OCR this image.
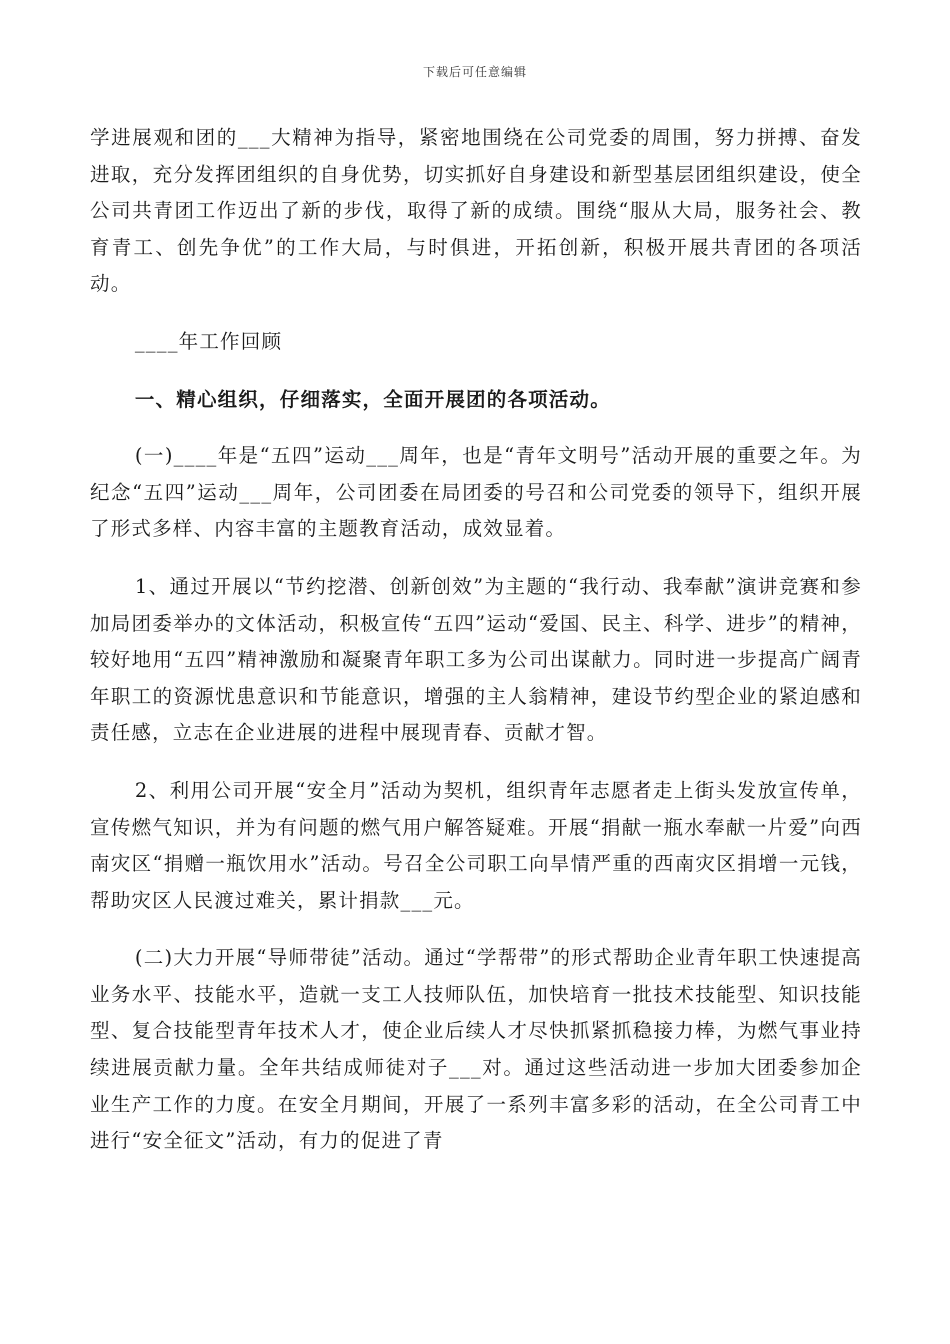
下载后可任意编辑

学进展观和团的___大精神为指导，紧密地围绕在公司党委的周围，努力拼搏、奋发进取，充分发挥团组织的自身优势，切实抓好自身建设和新型基层团组织建设，使全公司共青团工作迈出了新的步伐，取得了新的成绩。围绕“服从大局，服务社会、教育青工、创先争优”的工作大局，与时俱进，开拓创新，积极开展共青团的各项活动。

____年工作回顾

一、精心组织，仔细落实，全面开展团的各项活动。

(一)____年是“五四”运动___周年，也是“青年文明号”活动开展的重要之年。为纪念“五四”运动___周年，公司团委在局团委的号召和公司党委的领导下，组织开展了形式多样、内容丰富的主题教育活动，成效显着。

1、通过开展以“节约挖潜、创新创效”为主题的“我行动、我奉献”演讲竞赛和参加局团委举办的文体活动，积极宣传“五四”运动“爱国、民主、科学、进步”的精神，较好地用“五四”精神激励和凝聚青年职工多为公司出谋献力。同时进一步提高广阔青年职工的资源忧患意识和节能意识，增强的主人翁精神，建设节约型企业的紧迫感和责任感，立志在企业进展的进程中展现青春、贡献才智。

2、利用公司开展“安全月”活动为契机，组织青年志愿者走上街头发放宣传单，宣传燃气知识，并为有问题的燃气用户解答疑难。开展“捐献一瓶水奉献一片爱”向西南灾区“捐赠一瓶饮用水”活动。号召全公司职工向旱情严重的西南灾区捐增一元钱，帮助灾区人民渡过难关，累计捐款___元。

(二)大力开展“导师带徒”活动。通过“学帮带”的形式帮助企业青年职工快速提高业务水平、技能水平，造就一支工人技师队伍，加快培育一批技术技能型、知识技能型、复合技能型青年技术人才，使企业后续人才尽快抓紧抓稳接力棒，为燃气事业持续进展贡献力量。全年共结成师徒对子___对。通过这些活动进一步加大团委参加企业生产工作的力度。在安全月期间，开展了一系列丰富多彩的活动，在全公司青工中进行“安全征文”活动，有力的促进了青
